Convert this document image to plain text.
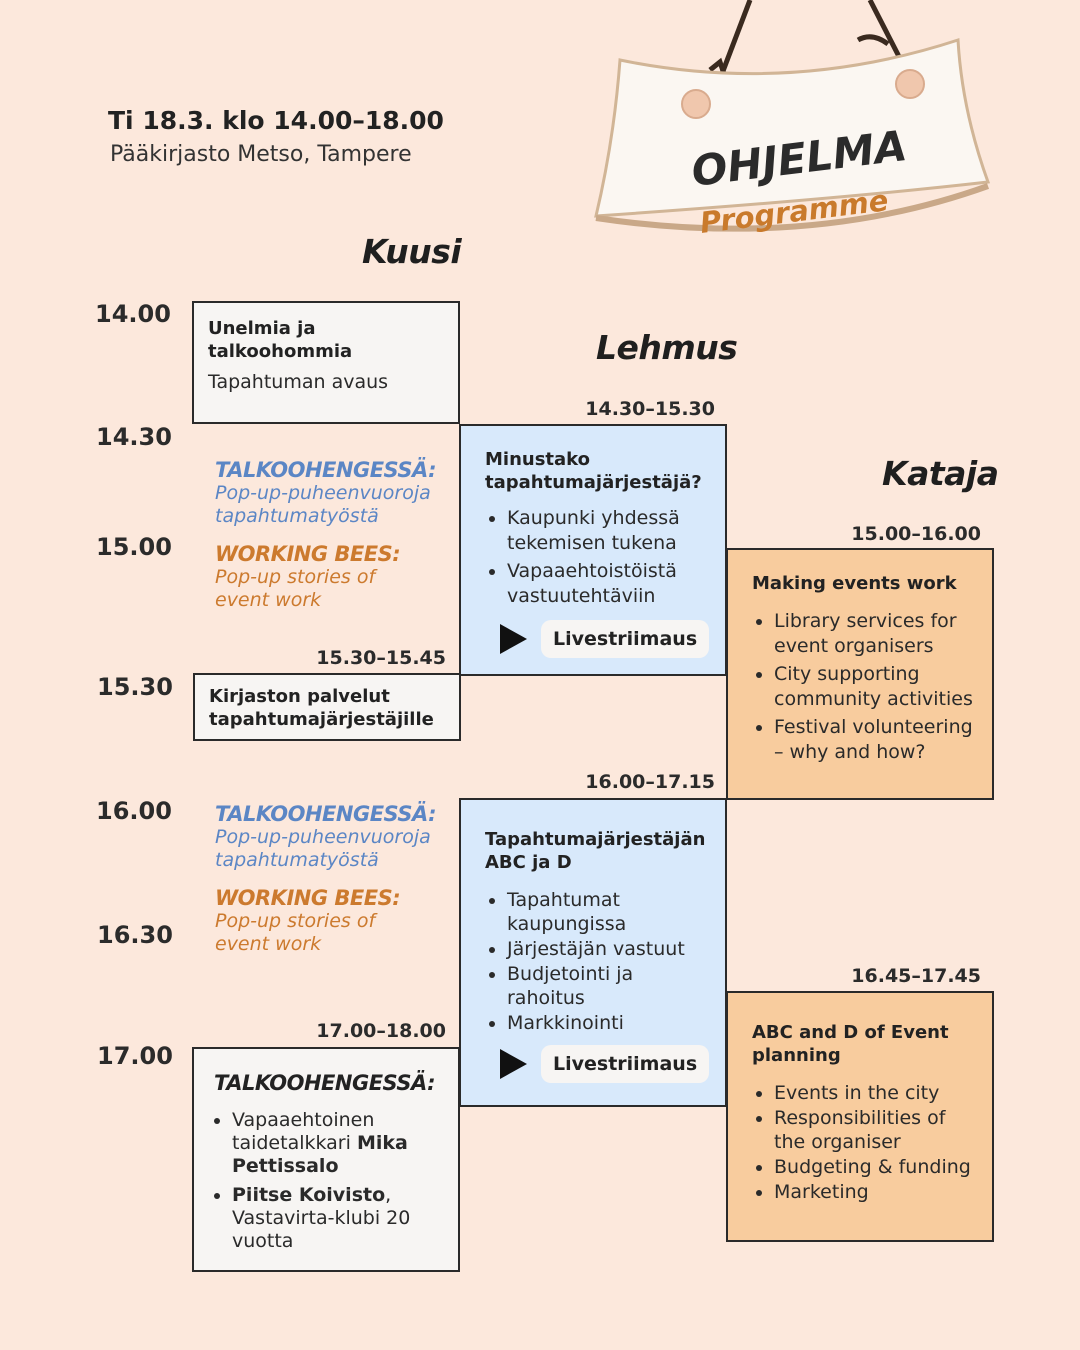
Ti 18.3. klo 14.00–18.00
Pääkirjasto Metso, Tampere	OHJELMA
Programme
Kuusi
Lehmus
Kataja
14.00
14.30
15.00
15.30
16.00
16.30
17.00
Unelmia ja talkoohommia

Tapahtuman avaus

TALKOOHENGESSÄ:
Pop-up-puheenvuoroja
tapahtumatyöstä
WORKING BEES:
Pop-up stories of
event work
15.30–15.45
Kirjaston palvelut tapahtumajärjestäjille
TALKOOHENGESSÄ:
Pop-up-puheenvuoroja
tapahtumatyöstä
WORKING BEES:
Pop-up stories of
event work
17.00–18.00
TALKOOHENGESSÄ:
• Vapaaehtoinen taidetalkkari Mika Pettissalo
• Piitse Koivisto, Vastavirta-klubi 20 vuotta
14.30–15.30
Minustako tapahtumajärjestäjä?
• Kaupunki yhdessä tekemisen tukena
• Vapaaehtoistöistä vastuutehtäviin
Livestriimaus
16.00–17.15
Tapahtumajärjestäjän ABC ja D
• Tapahtumat kaupungissa
• Järjestäjän vastuut
• Budjetointi ja rahoitus
• Markkinointi
Livestriimaus
15.00–16.00
Making events work
• Library services for event organisers
• City supporting community activities
• Festival volunteering – why and how?
16.45–17.45
ABC and D of Event planning
• Events in the city
• Responsibilities of the organiser
• Budgeting & funding
• Marketing
